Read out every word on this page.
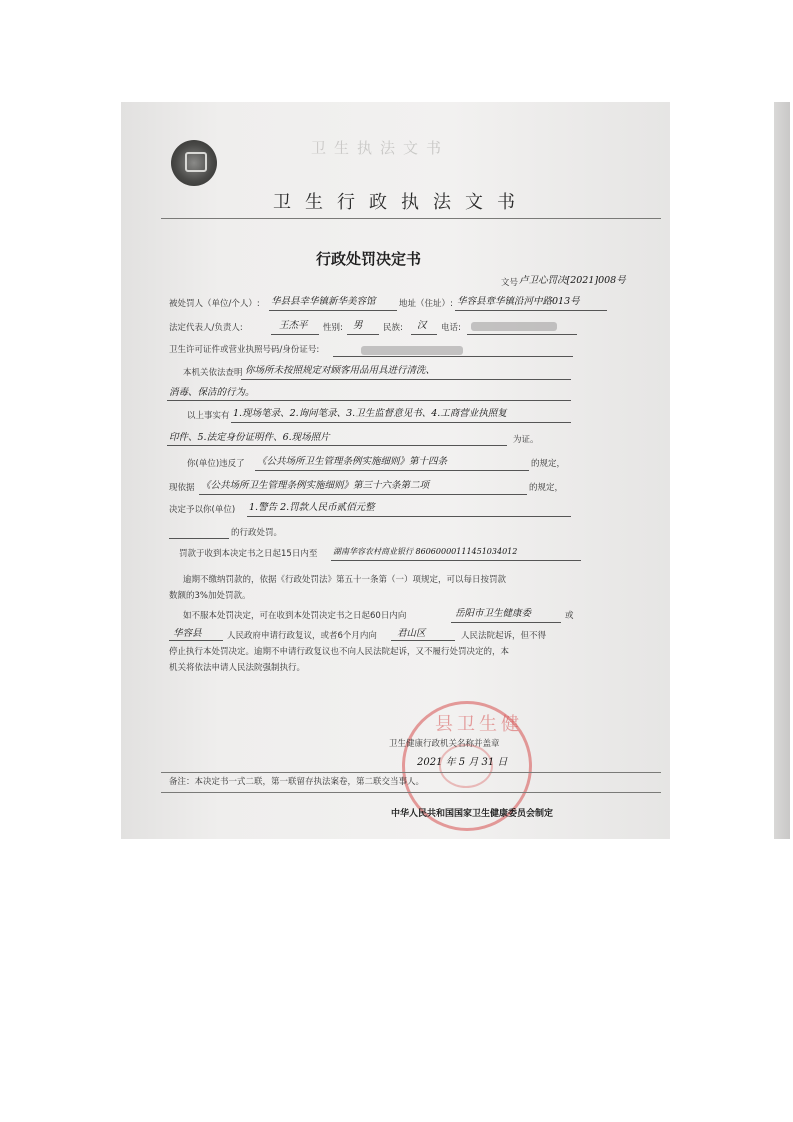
卫生执法文书
卫生行政执法文书
行政处罚决定书
文号 卢卫心罚决[2021]008号
被处罚人（单位/个人）: 华县县幸华镇新华美容馆	地址（住址）: 华容县章华镇沿河中路013号
法定代表人/负责人:	王杰平 性别: 男 民族: 汉 电话:
卫生许可证件或营业执照号码/身份证号:
本机关依法查明 你场所未按照规定对顾客用品用具进行清洗、
消毒、保洁的行为。
以上事实有 1.现场笔录、2.询问笔录、3.卫生监督意见书、4.工商营业执照复
印件、5.法定身份证明件、6.现场照片	为证。
你(单位)违反了 《公共场所卫生管理条例实施细则》第十四条	的规定，
现依据 《公共场所卫生管理条例实施细则》第三十六条第二项	的规定，
决定予以你(单位) 1.警告 2.罚款人民币贰佰元整
的行政处罚。
罚款于收到本决定书之日起15日内至 湖南华容农村商业银行 86060000111451034012
逾期不缴纳罚款的，依据《行政处罚法》第五十一条第（一）项规定，可以每日按罚款
数额的3%加处罚款。
如不服本处罚决定，可在收到本处罚决定书之日起60日内向	岳阳市卫生健康委	或
华容县	人民政府申请行政复议，或者6个月内向 君山区	人民法院起诉，但不得
停止执行本处罚决定。逾期不申请行政复议也不向人民法院起诉，又不履行处罚决定的，本
机关将依法申请人民法院强制执行。
县卫生健
卫生健康行政机关名称并盖章
2021 年 5 月 31 日
备注：本决定书一式二联，第一联留存执法案卷，第二联交当事人。
中华人民共和国国家卫生健康委员会制定
